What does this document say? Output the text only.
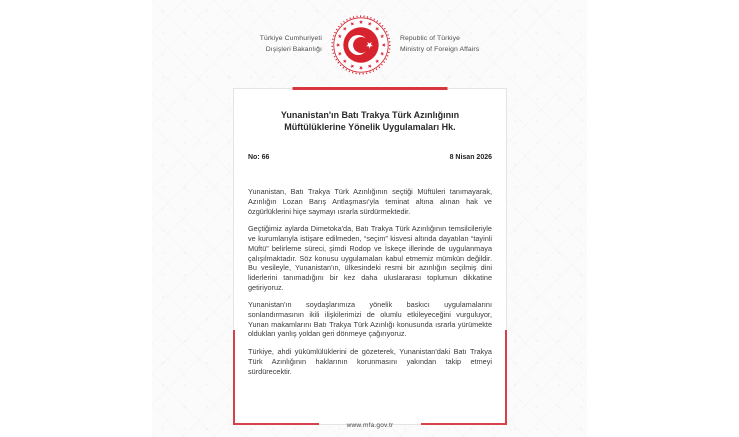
Türkiye Cumhuriyeti
Dışişleri Bakanlığı
Republic of Türkiye
Ministry of Foreign Affairs
Yunanistan'ın Batı Trakya Türk Azınlığının Müftülüklerine Yönelik Uygulamaları Hk.
No: 66	8 Nisan 2026

Yunanistan, Batı Trakya Türk Azınlığının seçtiği Müftüleri tanımayarak, Azınlığın Lozan Barış Antlaşması'yla teminat altına alınan hak ve özgürlüklerini hiçe saymayı ısrarla sürdürmektedir.

Geçtiğimiz aylarda Dimetoka'da, Batı Trakya Türk Azınlığının temsilcileriyle ve kurumlarıyla istişare edilmeden, “seçim” kisvesi altında dayatılan “tayinli Müftü” belirleme süreci, şimdi Rodop ve İskeçe illerinde de uygulanmaya çalışılmaktadır. Söz konusu uygulamaları kabul etmemiz mümkün değildir. Bu vesileyle, Yunanistan'ın, ülkesindeki resmi bir azınlığın seçilmiş dini liderlerini tanımadığını bir kez daha uluslararası toplumun dikkatine getiriyoruz.

Yunanistan'ın soydaşlarımıza yönelik baskıcı uygulamalarını sonlandırmasının ikili ilişkilerimizi de olumlu etkileyeceğini vurguluyor, Yunan makamlarını Batı Trakya Türk Azınlığı konusunda ısrarla yürümekte oldukları yanlış yoldan geri dönmeye çağırıyoruz.

Türkiye, ahdi yükümlülüklerini de gözeterek, Yunanistan'daki Batı Trakya Türk Azınlığının haklarının korunmasını yakından takip etmeyi sürdürecektir.

www.mfa.gov.tr
